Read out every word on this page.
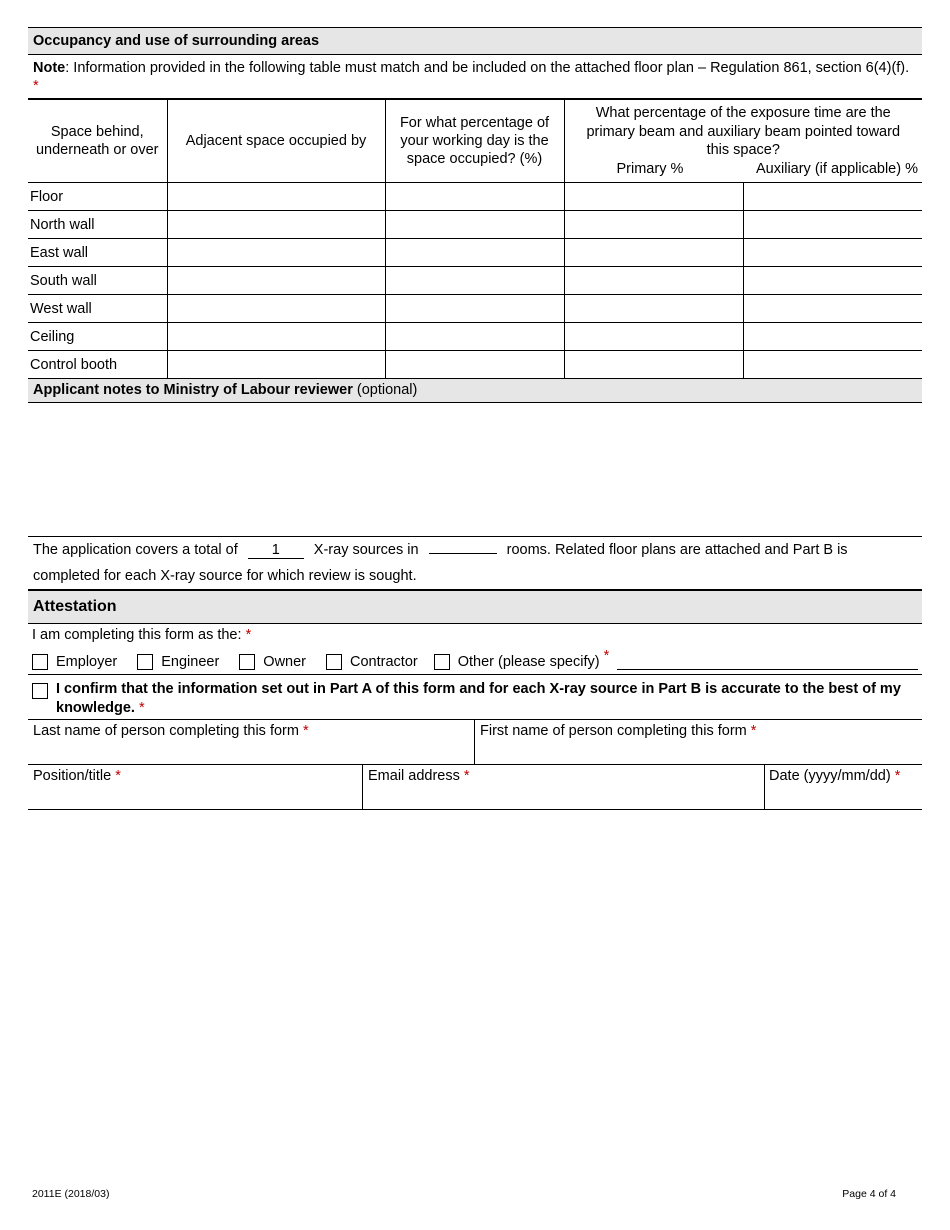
Occupancy and use of surrounding areas
Note: Information provided in the following table must match and be included on the attached floor plan – Regulation 861, section 6(4)(f). *
Space behind, underneath or over	Adjacent space occupied by	For what percentage of your working day is the space occupied? (%)	What percentage of the exposure time are the primary beam and auxiliary beam pointed toward this space?
Primary % Auxiliary (if applicable) %	

Floor				
North wall				
East wall				
South wall				
West wall				
Ceiling				
Control booth				
Applicant notes to Ministry of Labour reviewer (optional)
The application covers a total of 1 X-ray sources in	rooms. Related floor plans are attached and Part B is
completed for each X-ray source for which review is sought.
Attestation
I am completing this form as the: *
Employer	Engineer	Owner	Contractor	Other (please specify) *
I confirm that the information set out in Part A of this form and for each X-ray source in Part B is accurate to the best of my knowledge. *
Last name of person completing this form *	First name of person completing this form *
Position/title *	Email address *	Date (yyyy/mm/dd) *
2011E (2018/03)	Page 4 of 4
